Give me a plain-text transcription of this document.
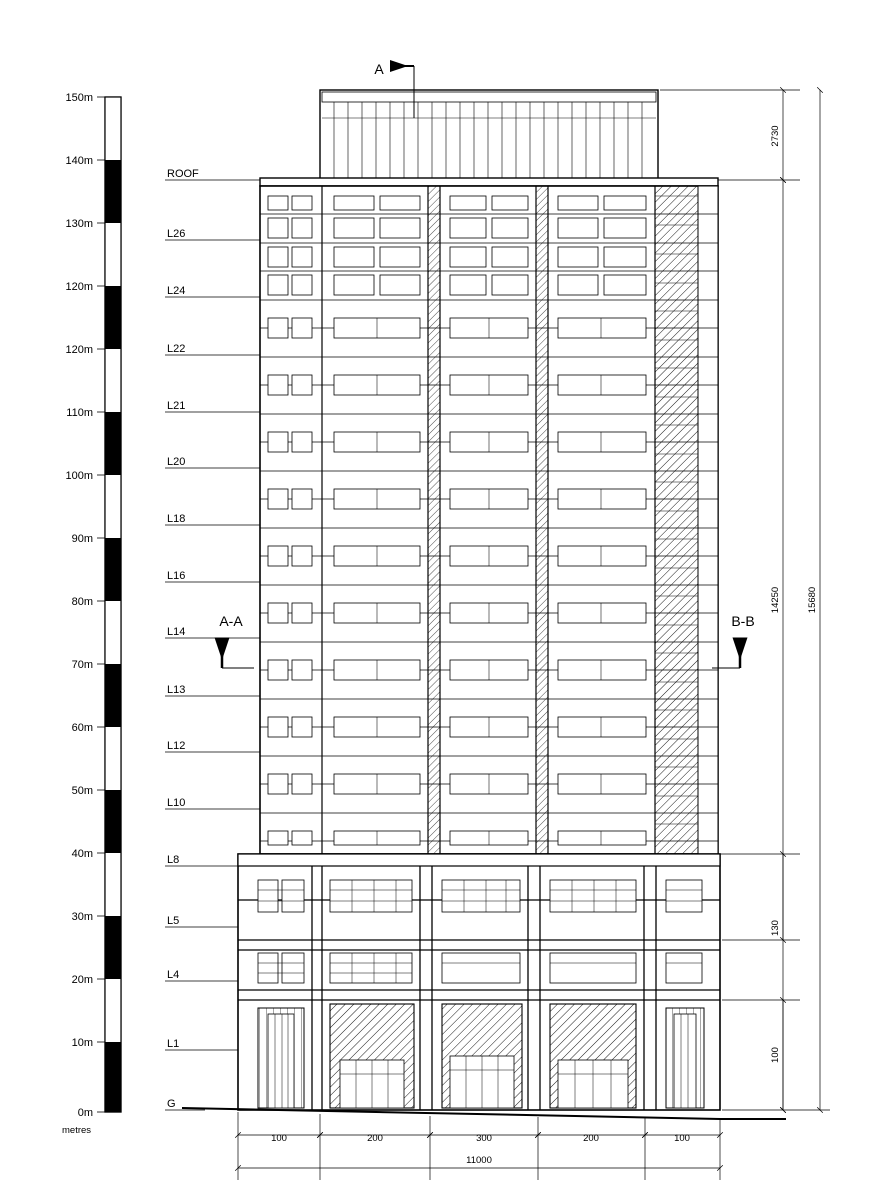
150m
140m
130m
120m
120m
110m
100m
90m
80m
70m
60m
50m
40m
30m
20m
10m
0m
metres
ROOF
L26
L24
L22
L21
L20
L18
L16
L14
L13
L12
L10
L8
L5
L4
L1
G
A
A-A	B-B
2730
14250	15680
130
100
100	200	300	200	100
11000
